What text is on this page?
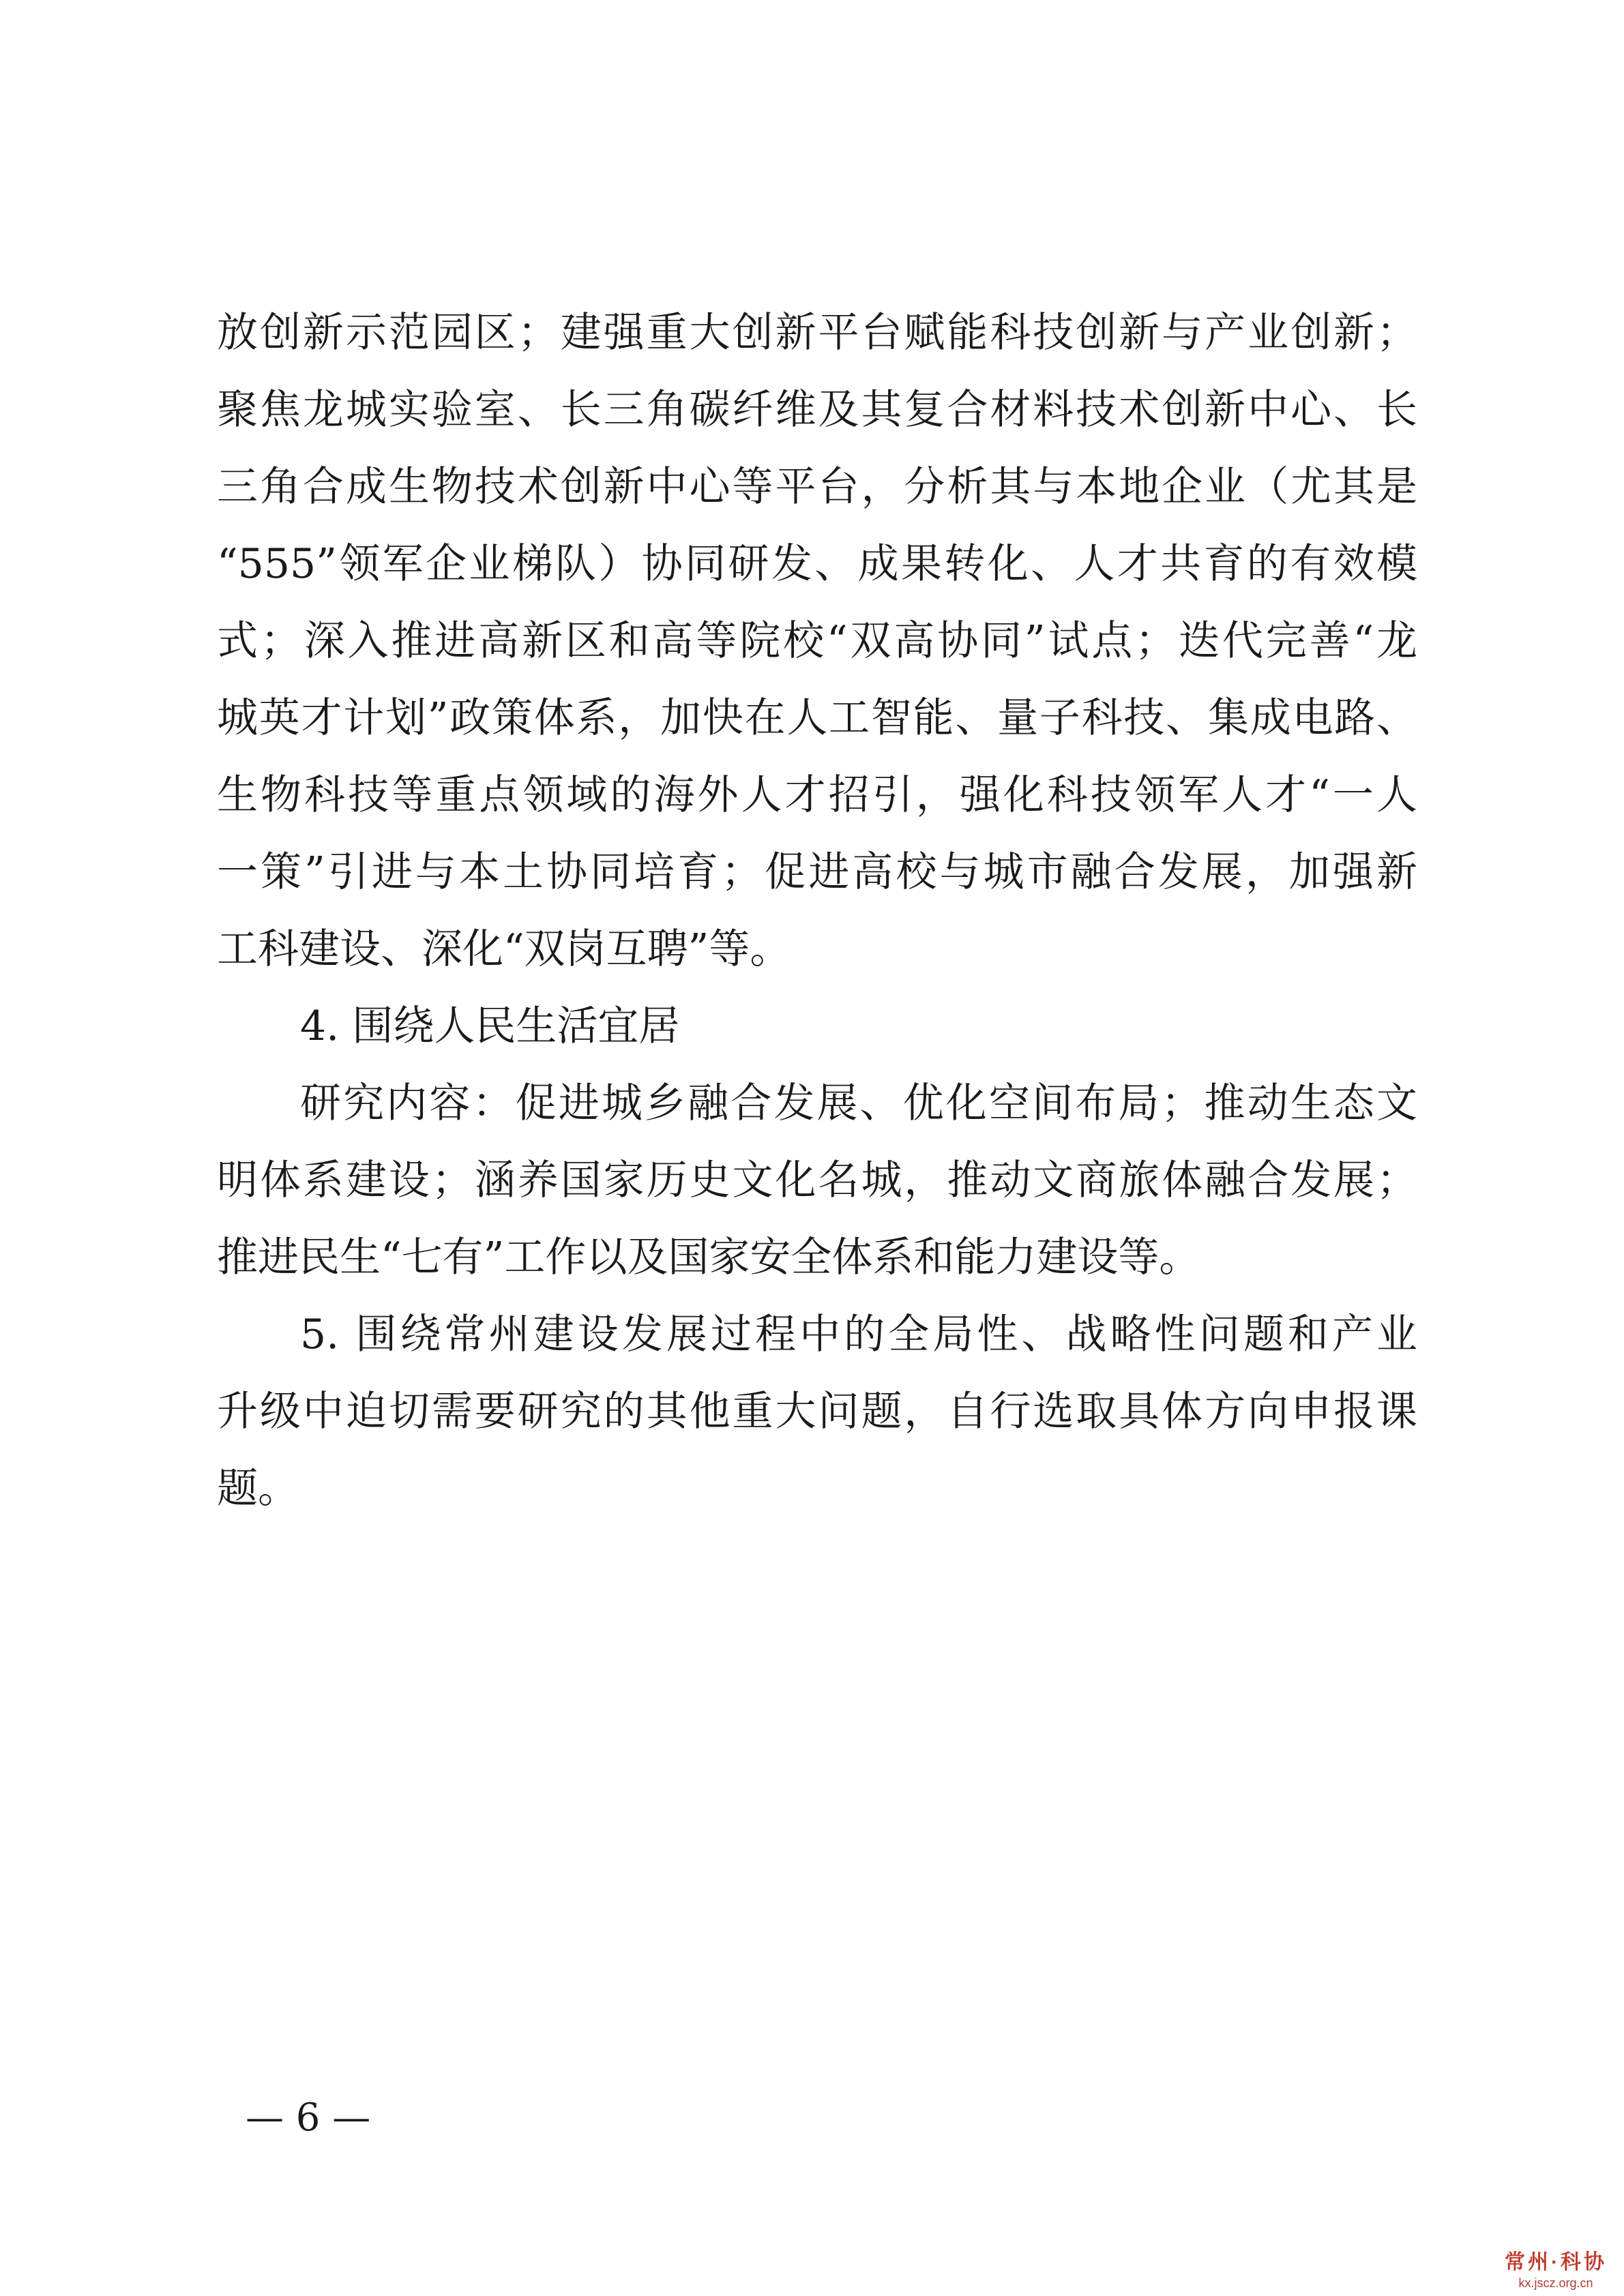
放创新示范园区；建强重大创新平台赋能科技创新与产业创新；
聚焦龙城实验室、长三角碳纤维及其复合材料技术创新中心、长
三角合成生物技术创新中心等平台，分析其与本地企业（尤其是
“555”领军企业梯队）协同研发、成果转化、人才共育的有效模
式；深入推进高新区和高等院校“双高协同”试点；迭代完善“龙
城英才计划”政策体系，加快在人工智能、量子科技、集成电路、
生物科技等重点领域的海外人才招引，强化科技领军人才“一人
一策”引进与本土协同培育；促进高校与城市融合发展，加强新
工科建设、深化“双岗互聘”等。
4. 围绕人民生活宜居
研究内容：促进城乡融合发展、优化空间布局；推动生态文
明体系建设；涵养国家历史文化名城，推动文商旅体融合发展；
推进民生“七有”工作以及国家安全体系和能力建设等。
5. 围绕常州建设发展过程中的全局性、战略性问题和产业
升级中迫切需要研究的其他重大问题，自行选取具体方向申报课
题。
— 6 —
常州·科协
kx.jscz.org.cn
